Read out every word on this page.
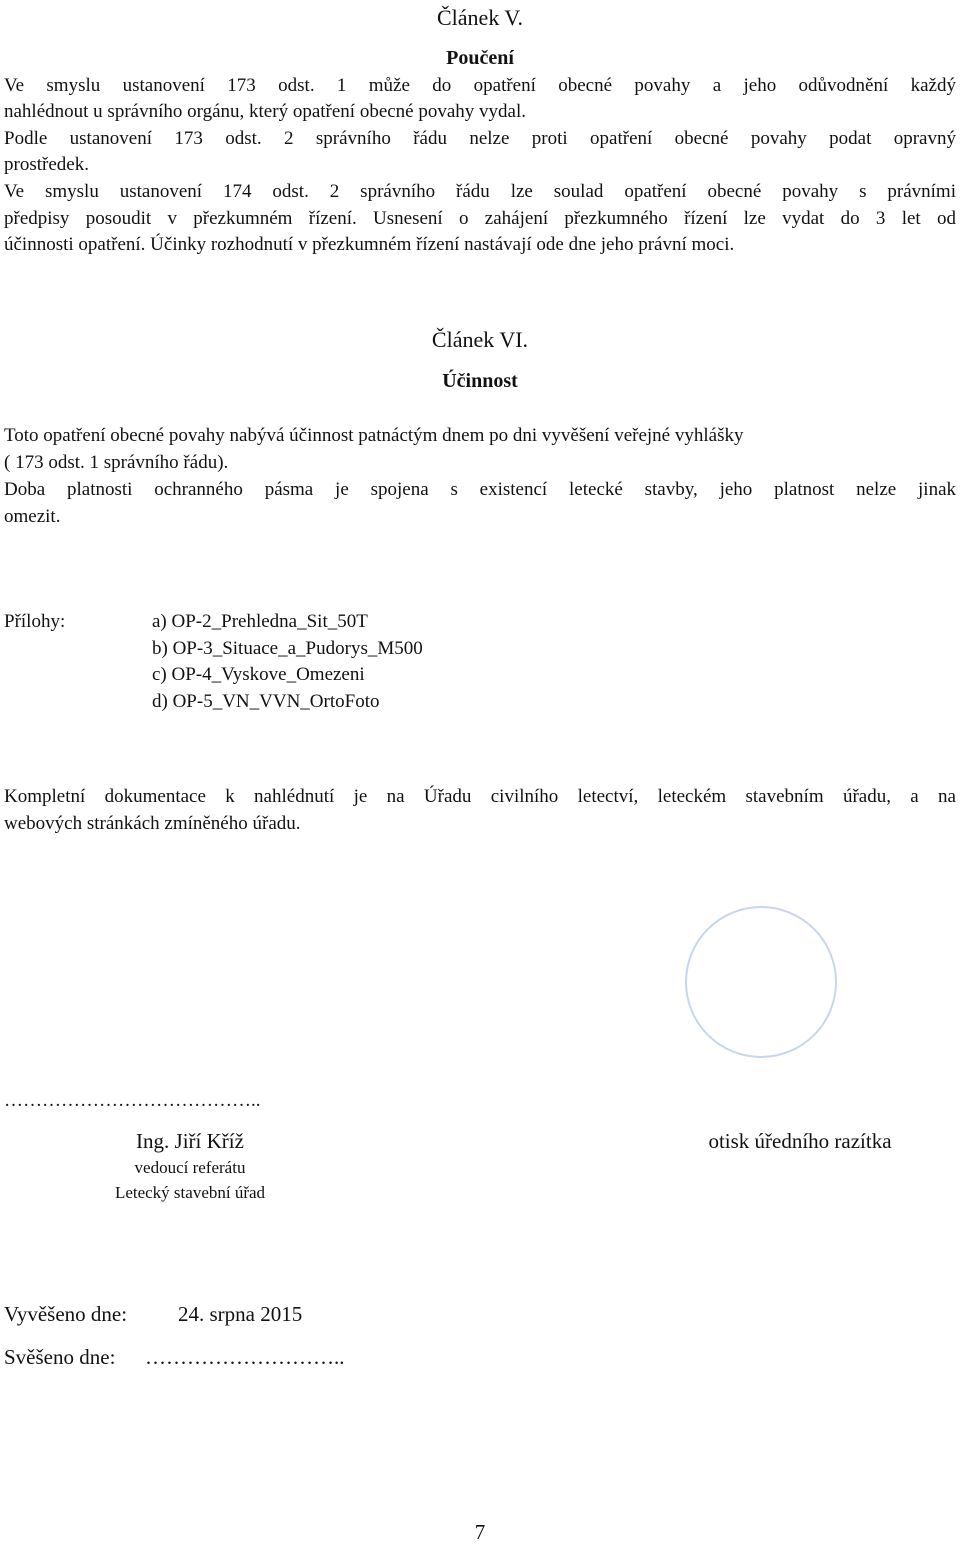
Článek V.
Poučení
Ve smyslu ustanovení 173 odst. 1 může do opatření obecné povahy a jeho odůvodnění každý
nahlédnout u správního orgánu, který opatření obecné povahy vydal.
Podle ustanovení 173 odst. 2 správního řádu nelze proti opatření obecné povahy podat opravný
prostředek.
Ve smyslu ustanovení 174 odst. 2 správního řádu lze soulad opatření obecné povahy s právními
předpisy posoudit v přezkumném řízení. Usnesení o zahájení přezkumného řízení lze vydat do 3 let od
účinnosti opatření. Účinky rozhodnutí v přezkumném řízení nastávají ode dne jeho právní moci.
Článek VI.
Účinnost
Toto opatření obecné povahy nabývá účinnost patnáctým dnem po dni vyvěšení veřejné vyhlášky
( 173 odst. 1 správního řádu).
Doba platnosti ochranného pásma je spojena s existencí letecké stavby, jeho platnost nelze jinak
omezit.
Přílohy:	a) OP-2_Prehledna_Sit_50T
b) OP-3_Situace_a_Pudorys_M500
c) OP-4_Vyskove_Omezeni
d) OP-5_VN_VVN_OrtoFoto
Kompletní dokumentace k nahlédnutí je na Úřadu civilního letectví, leteckém stavebním úřadu, a na
webových stránkách zmíněného úřadu.
…………………………………..
Ing. Jiří Kříž
vedoucí referátu
Letecký stavební úřad
otisk úředního razítka
Vyvěšeno dne: 24. srpna 2015
Svěšeno dne: ………………………..
7
